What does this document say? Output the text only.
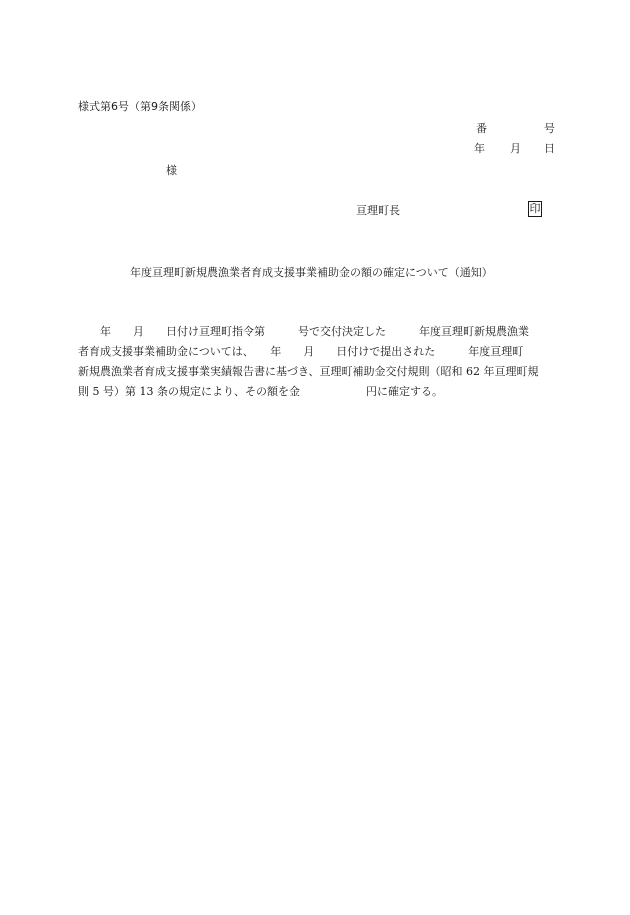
様式第6号（第9条関係）
番	号
年 月 日
様
亘理町長	印
年度亘理町新規農漁業者育成支援事業補助金の額の確定について（通知）
　　年　　月　　日付け亘理町指令第　　　号で交付決定した　　　年度亘理町新規農漁業
者育成支援事業補助金については、　　年　　月　　日付けで提出された　　　年度亘理町
新規農漁業者育成支援事業実績報告書に基づき、亘理町補助金交付規則（昭和 62 年亘理町規
則 5 号）第 13 条の規定により、その額を金　　　　　　円に確定する。
